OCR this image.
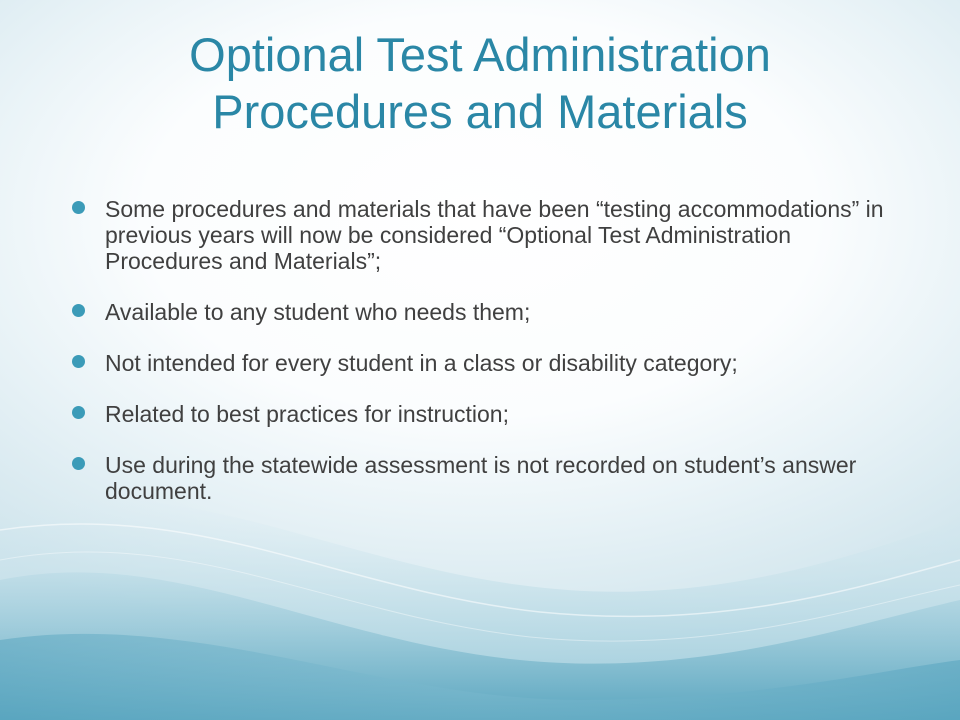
Optional Test Administration
Procedures and Materials
Some procedures and materials that have been “testing accommodations” in previous years will now be considered “Optional Test Administration Procedures and Materials”;
Available to any student who needs them;
Not intended for every student in a class or disability category;
Related to best practices for instruction;
Use during the statewide assessment is not recorded on student’s answer document.
